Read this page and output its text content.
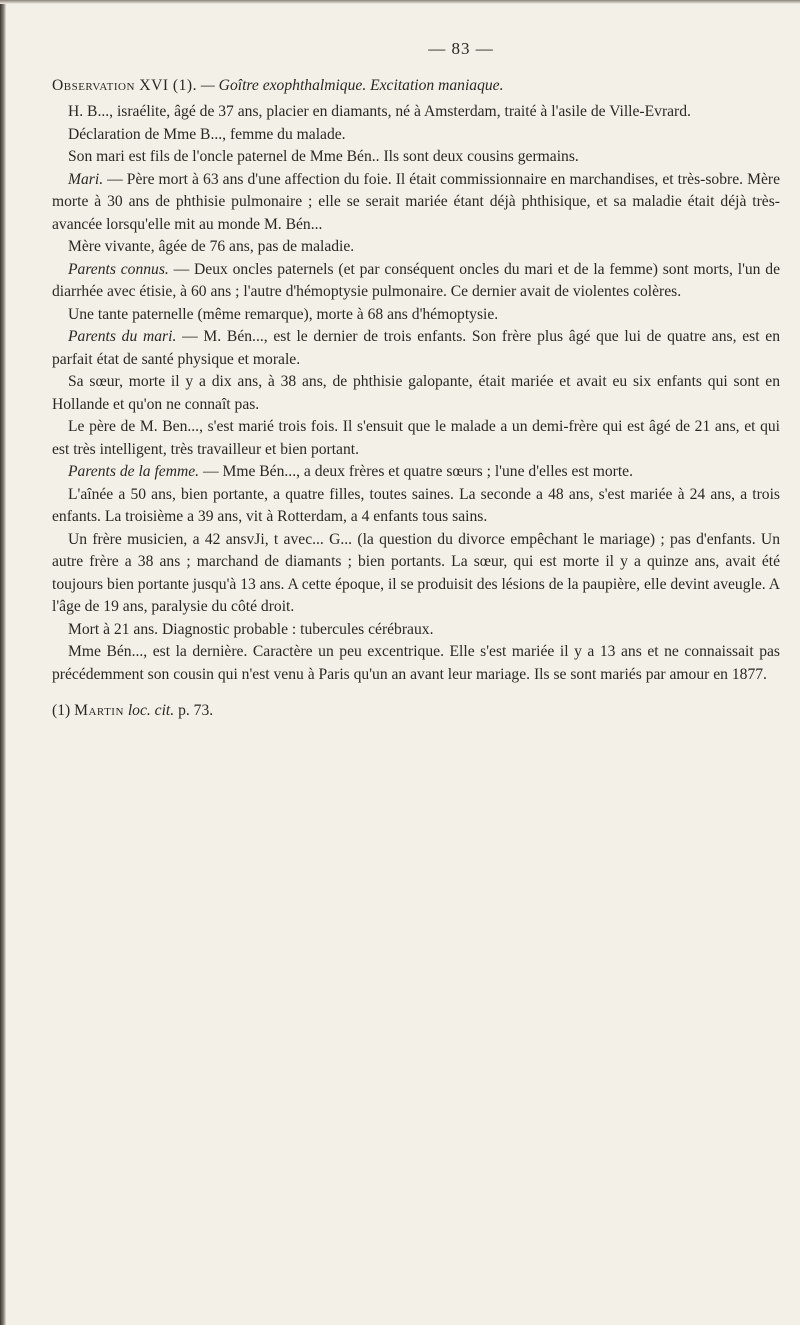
— 83 —
Observation XVI (1). — Goître exophthalmique. Excitation maniaque.

H. B..., israélite, âgé de 37 ans, placier en diamants, né à Amsterdam, traité à l'asile de Ville-Evrard.

Déclaration de Mme B..., femme du malade.

Son mari est fils de l'oncle paternel de Mme Bén.. Ils sont deux cousins germains.

Mari. — Père mort à 63 ans d'une affection du foie. Il était commissionnaire en marchandises, et très-sobre. Mère morte à 30 ans de phthisie pulmonaire ; elle se serait mariée étant déjà phthisique, et sa maladie était déjà très-avancée lorsqu'elle mit au monde M. Bén...

Mère vivante, âgée de 76 ans, pas de maladie.

Parents connus. — Deux oncles paternels (et par conséquent oncles du mari et de la femme) sont morts, l'un de diarrhée avec étisie, à 60 ans ; l'autre d'hémoptysie pulmonaire. Ce dernier avait de violentes colères.

Une tante paternelle (même remarque), morte à 68 ans d'hémoptysie.

Parents du mari. — M. Bén..., est le dernier de trois enfants. Son frère plus âgé que lui de quatre ans, est en parfait état de santé physique et morale.

Sa sœur, morte il y a dix ans, à 38 ans, de phthisie galopante, était mariée et avait eu six enfants qui sont en Hollande et qu'on ne connaît pas.

Le père de M. Ben..., s'est marié trois fois. Il s'ensuit que le malade a un demi-frère qui est âgé de 21 ans, et qui est très intelligent, très travailleur et bien portant.

Parents de la femme. — Mme Bén..., a deux frères et quatre sœurs ; l'une d'elles est morte.

L'aînée a 50 ans, bien portante, a quatre filles, toutes saines. La seconde a 48 ans, s'est mariée à 24 ans, a trois enfants. La troisième a 39 ans, vit à Rotterdam, a 4 enfants tous sains.

Un frère musicien, a 42 ansvJi, t avec... G... (la question du divorce empêchant le mariage) ; pas d'enfants. Un autre frère a 38 ans ; marchand de diamants ; bien portants. La sœur, qui est morte il y a quinze ans, avait été toujours bien portante jusqu'à 13 ans. A cette époque, il se produisit des lésions de la paupière, elle devint aveugle. A l'âge de 19 ans, paralysie du côté droit.

Mort à 21 ans. Diagnostic probable : tubercules cérébraux.

Mme Bén..., est la dernière. Caractère un peu excentrique. Elle s'est mariée il y a 13 ans et ne connaissait pas précédemment son cousin qui n'est venu à Paris qu'un an avant leur mariage. Ils se sont mariés par amour en 1877.

(1) Martin loc. cit. p. 73.
